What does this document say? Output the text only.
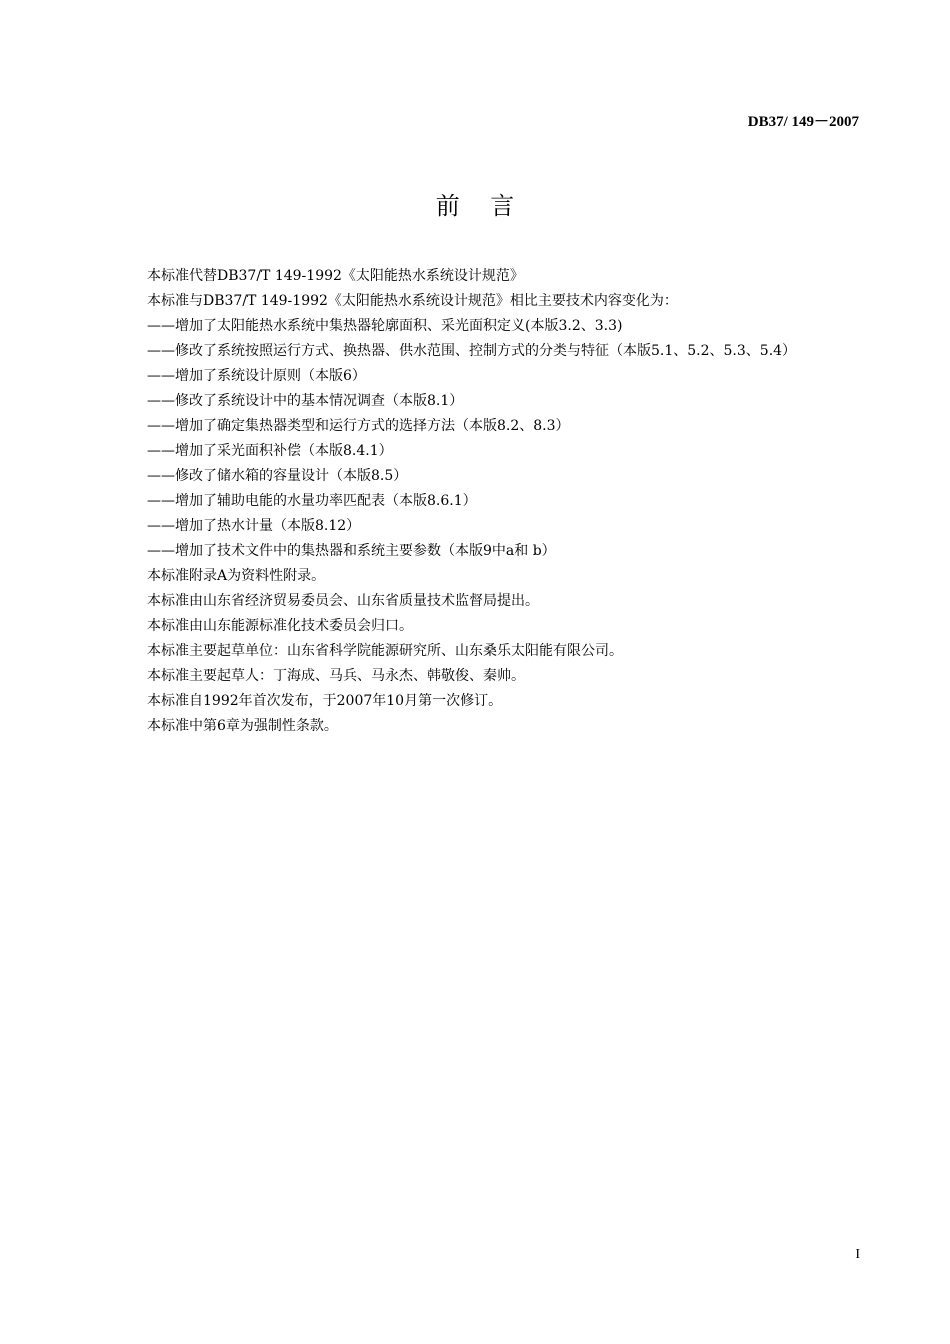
DB37/ 149－2007
前    言

本标准代替DB37/T 149-1992《太阳能热水系统设计规范》

本标准与DB37/T 149-1992《太阳能热水系统设计规范》相比主要技术内容变化为：

——增加了太阳能热水系统中集热器轮廓面积、采光面积定义(本版3.2、3.3)

——修改了系统按照运行方式、换热器、供水范围、控制方式的分类与特征（本版5.1、5.2、5.3、5.4）

——增加了系统设计原则（本版6）

——修改了系统设计中的基本情况调查（本版8.1）

——增加了确定集热器类型和运行方式的选择方法（本版8.2、8.3）

——增加了采光面积补偿（本版8.4.1）

——修改了储水箱的容量设计（本版8.5）

——增加了辅助电能的水量功率匹配表（本版8.6.1）

——增加了热水计量（本版8.12）

——增加了技术文件中的集热器和系统主要参数（本版9中a和 b）

本标准附录A为资料性附录。

本标准由山东省经济贸易委员会、山东省质量技术监督局提出。

本标准由山东能源标准化技术委员会归口。

本标准主要起草单位：山东省科学院能源研究所、山东桑乐太阳能有限公司。

本标准主要起草人：丁海成、马兵、马永杰、韩敬俊、秦帅。

本标准自1992年首次发布，于2007年10月第一次修订。

本标准中第6章为强制性条款。

I
